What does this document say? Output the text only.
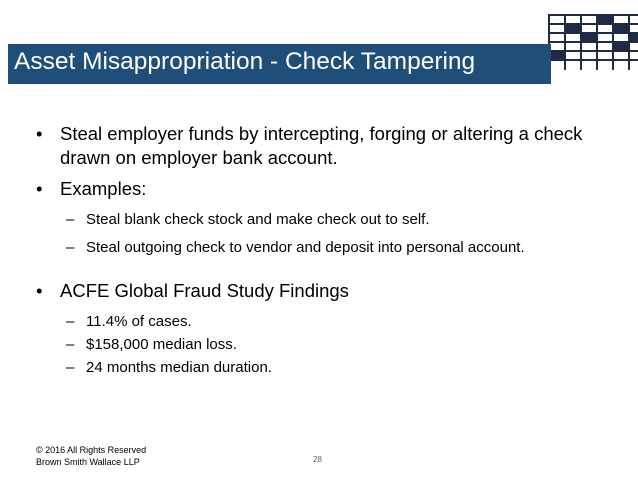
Asset Misappropriation - Check Tampering
• Steal employer funds by intercepting, forging or altering a check drawn on employer bank account.
• Examples:
– Steal blank check stock and make check out to self.
– Steal outgoing check to vendor and deposit into personal account.
• ACFE Global Fraud Study Findings
– 11.4% of cases.
– $158,000 median loss.
– 24 months median duration.
© 2016 All Rights Reserved
Brown Smith Wallace LLP	28
